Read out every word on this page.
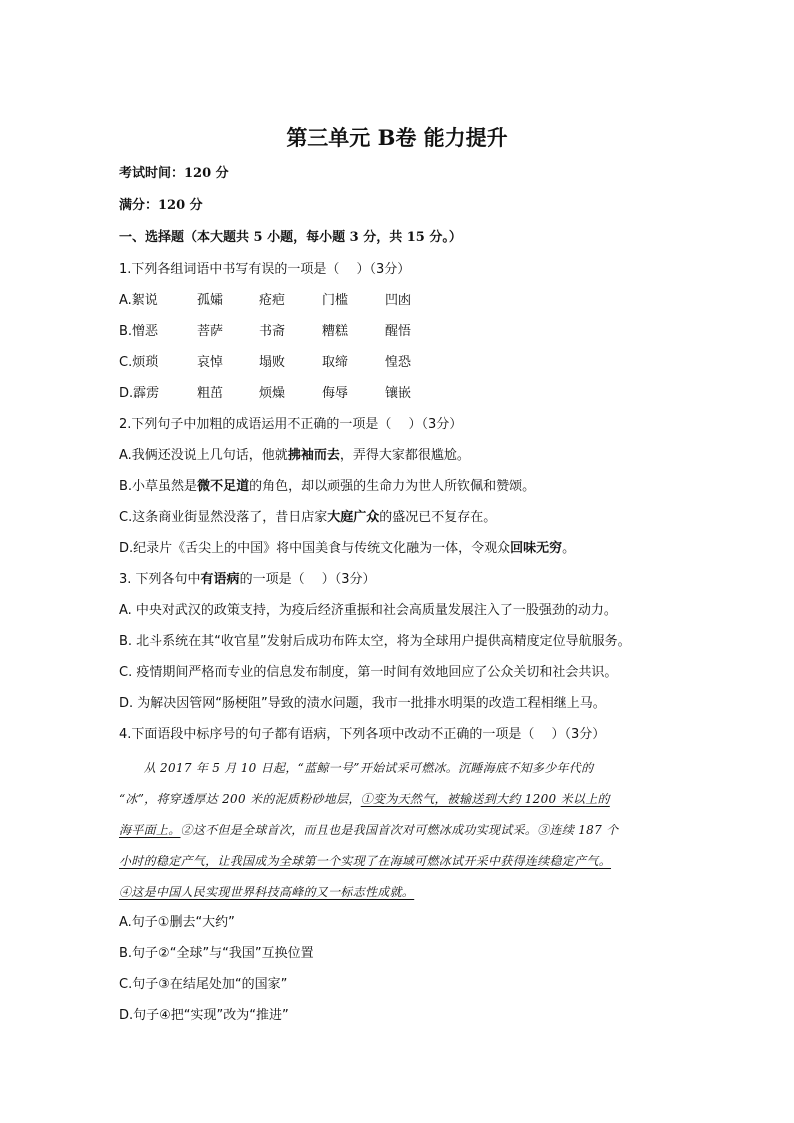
第三单元 B卷 能力提升
考试时间：120 分
满分：120 分
一、选择题（本大题共 5 小题，每小题 3 分，共 15 分。）
1.下列各组词语中书写有误的一项是（　 ）（3分）
A.絮说	孤孀	疮疤	门槛	凹凼
B.憎恶	菩萨	书斋	糟糕	醒悟
C.烦琐	哀悼	塌败	取缔	惶恐
D.霹雳	粗茁	烦燥	侮辱	镶嵌
2.下列句子中加粗的成语运用不正确的一项是（　 ）（3分）
A.我俩还没说上几句话，他就拂袖而去，弄得大家都很尴尬。
B.小草虽然是微不足道的角色，却以顽强的生命力为世人所钦佩和赞颂。
C.这条商业街显然没落了，昔日店家大庭广众的盛况已不复存在。
D.纪录片《舌尖上的中国》将中国美食与传统文化融为一体，令观众回味无穷。
3. 下列各句中有语病的一项是（　 ）（3分）
A. 中央对武汉的政策支持，为疫后经济重振和社会高质量发展注入了一股强劲的动力。
B. 北斗系统在其“收官星”发射后成功布阵太空，将为全球用户提供高精度定位导航服务。
C. 疫情期间严格而专业的信息发布制度，第一时间有效地回应了公众关切和社会共识。
D. 为解决因管网“肠梗阻”导致的渍水问题，我市一批排水明渠的改造工程相继上马。
4.下面语段中标序号的句子都有语病，下列各项中改动不正确的一项是（　 ）（3分）
　　从 2017 年 5 月 10 日起，“蓝鲸一号”开始试采可燃冰。沉睡海底不知多少年代的
“冰”，将穿透厚达 200 米的泥质粉砂地层，①变为天然气，被输送到大约 1200 米以上的
海平面上。②这不但是全球首次，而且也是我国首次对可燃冰成功实现试采。③连续 187 个
小时的稳定产气，让我国成为全球第一个实现了在海域可燃冰试开采中获得连续稳定产气。
④这是中国人民实现世界科技高峰的又一标志性成就。
A.句子①删去“大约”
B.句子②“全球”与“我国”互换位置
C.句子③在结尾处加“的国家”
D.句子④把“实现”改为“推进”
